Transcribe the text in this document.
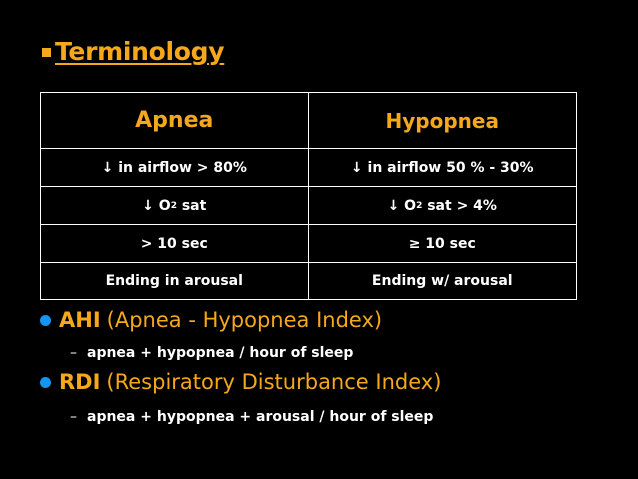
Terminology
Apnea	Hypopnea
↓ in airflow > 80%	↓ in airflow 50 % - 30%
↓ O 2 sat	↓ O 2 sat > 4%
> 10 sec	≥ 10 sec
Ending in arousal	Ending w/ arousal
AHI (Apnea - Hypopnea Index)
– apnea + hypopnea / hour of sleep
RDI (Respiratory Disturbance Index)
– apnea + hypopnea + arousal / hour of sleep
